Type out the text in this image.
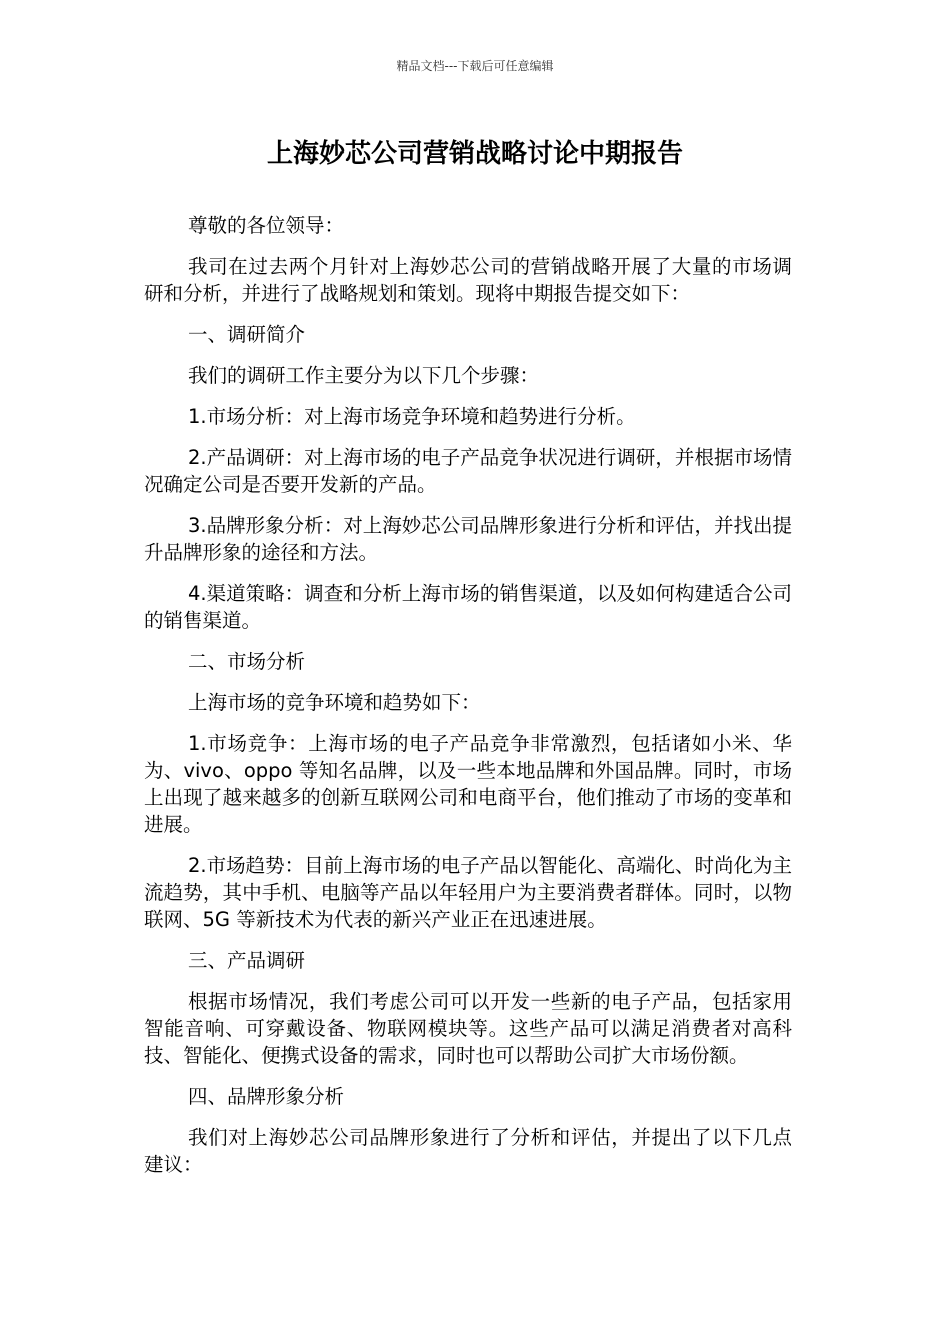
精品文档---下载后可任意编辑
上海妙芯公司营销战略讨论中期报告

尊敬的各位领导：

我司在过去两个月针对上海妙芯公司的营销战略开展了大量的市场调研和分析，并进行了战略规划和策划。现将中期报告提交如下：

一、调研简介

我们的调研工作主要分为以下几个步骤：

1.市场分析：对上海市场竞争环境和趋势进行分析。

2.产品调研：对上海市场的电子产品竞争状况进行调研，并根据市场情况确定公司是否要开发新的产品。

3.品牌形象分析：对上海妙芯公司品牌形象进行分析和评估，并找出提升品牌形象的途径和方法。

4.渠道策略：调查和分析上海市场的销售渠道，以及如何构建适合公司的销售渠道。

二、市场分析

上海市场的竞争环境和趋势如下：

1.市场竞争：上海市场的电子产品竞争非常激烈，包括诸如小米、华为、vivo、oppo 等知名品牌，以及一些本地品牌和外国品牌。同时，市场上出现了越来越多的创新互联网公司和电商平台，他们推动了市场的变革和进展。

2.市场趋势：目前上海市场的电子产品以智能化、高端化、时尚化为主流趋势，其中手机、电脑等产品以年轻用户为主要消费者群体。同时，以物联网、5G 等新技术为代表的新兴产业正在迅速进展。

三、产品调研

根据市场情况，我们考虑公司可以开发一些新的电子产品，包括家用智能音响、可穿戴设备、物联网模块等。这些产品可以满足消费者对高科技、智能化、便携式设备的需求，同时也可以帮助公司扩大市场份额。

四、品牌形象分析

我们对上海妙芯公司品牌形象进行了分析和评估，并提出了以下几点建议：
